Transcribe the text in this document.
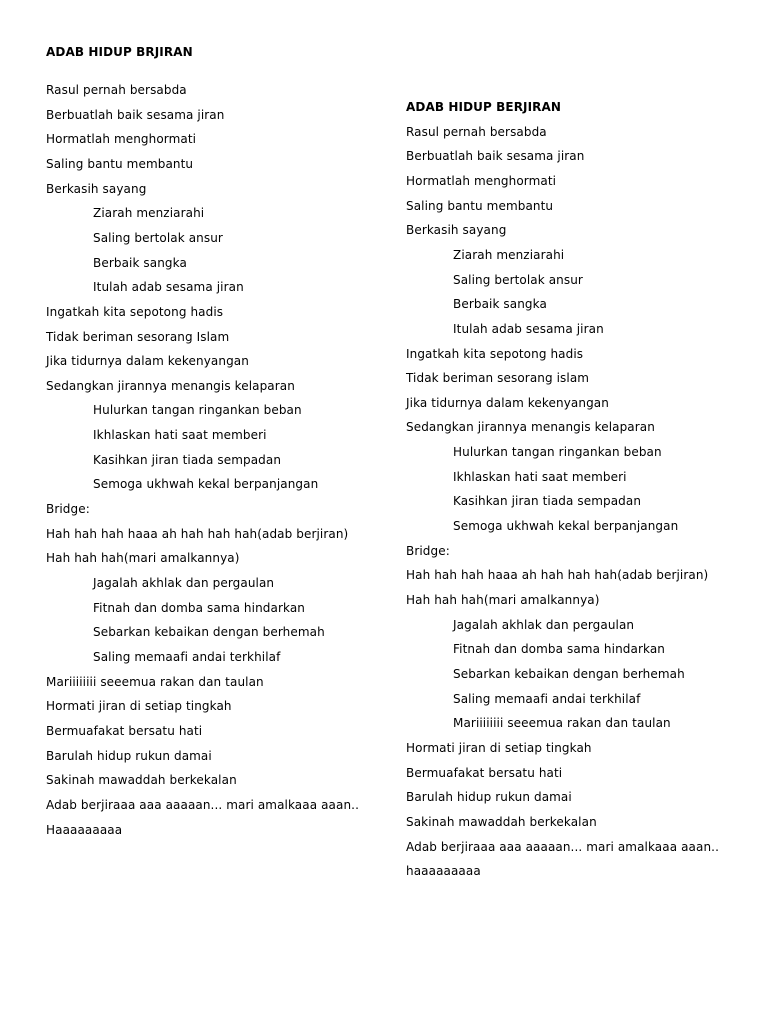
ADAB HIDUP BRJIRAN
Rasul pernah bersabda
Berbuatlah baik sesama jiran
Hormatlah menghormati
Saling bantu membantu
Berkasih sayang
Ziarah menziarahi
Saling bertolak ansur
Berbaik sangka
Itulah adab sesama jiran
Ingatkah kita sepotong hadis
Tidak beriman sesorang Islam
Jika tidurnya dalam kekenyangan
Sedangkan jirannya menangis kelaparan
Hulurkan tangan ringankan beban
Ikhlaskan hati saat memberi
Kasihkan jiran tiada sempadan
Semoga ukhwah kekal berpanjangan
Bridge:
Hah hah hah haaa ah hah hah hah(adab berjiran)
Hah hah hah(mari amalkannya)
Jagalah akhlak dan pergaulan
Fitnah dan domba sama hindarkan
Sebarkan kebaikan dengan berhemah
Saling memaafi andai terkhilaf
Mariiiiiiii seeemua rakan dan taulan
Hormati jiran di setiap tingkah
Bermuafakat bersatu hati
Barulah hidup rukun damai
Sakinah mawaddah berkekalan
Adab berjiraaa aaa aaaaan... mari amalkaaa aaan..
Haaaaaaaaa
ADAB HIDUP BERJIRAN
Rasul pernah bersabda
Berbuatlah baik sesama jiran
Hormatlah menghormati
Saling bantu membantu
Berkasih sayang
Ziarah menziarahi
Saling bertolak ansur
Berbaik sangka
Itulah adab sesama jiran
Ingatkah kita sepotong hadis
Tidak beriman sesorang islam
Jika tidurnya dalam kekenyangan
Sedangkan jirannya menangis kelaparan
Hulurkan tangan ringankan beban
Ikhlaskan hati saat memberi
Kasihkan jiran tiada sempadan
Semoga ukhwah kekal berpanjangan
Bridge:
Hah hah hah haaa ah hah hah hah(adab berjiran)
Hah hah hah(mari amalkannya)
Jagalah akhlak dan pergaulan
Fitnah dan domba sama hindarkan
Sebarkan kebaikan dengan berhemah
Saling memaafi andai terkhilaf
Mariiiiiiii seeemua rakan dan taulan
Hormati jiran di setiap tingkah
Bermuafakat bersatu hati
Barulah hidup rukun damai
Sakinah mawaddah berkekalan
Adab berjiraaa aaa aaaaan... mari amalkaaa aaan..
haaaaaaaaa
